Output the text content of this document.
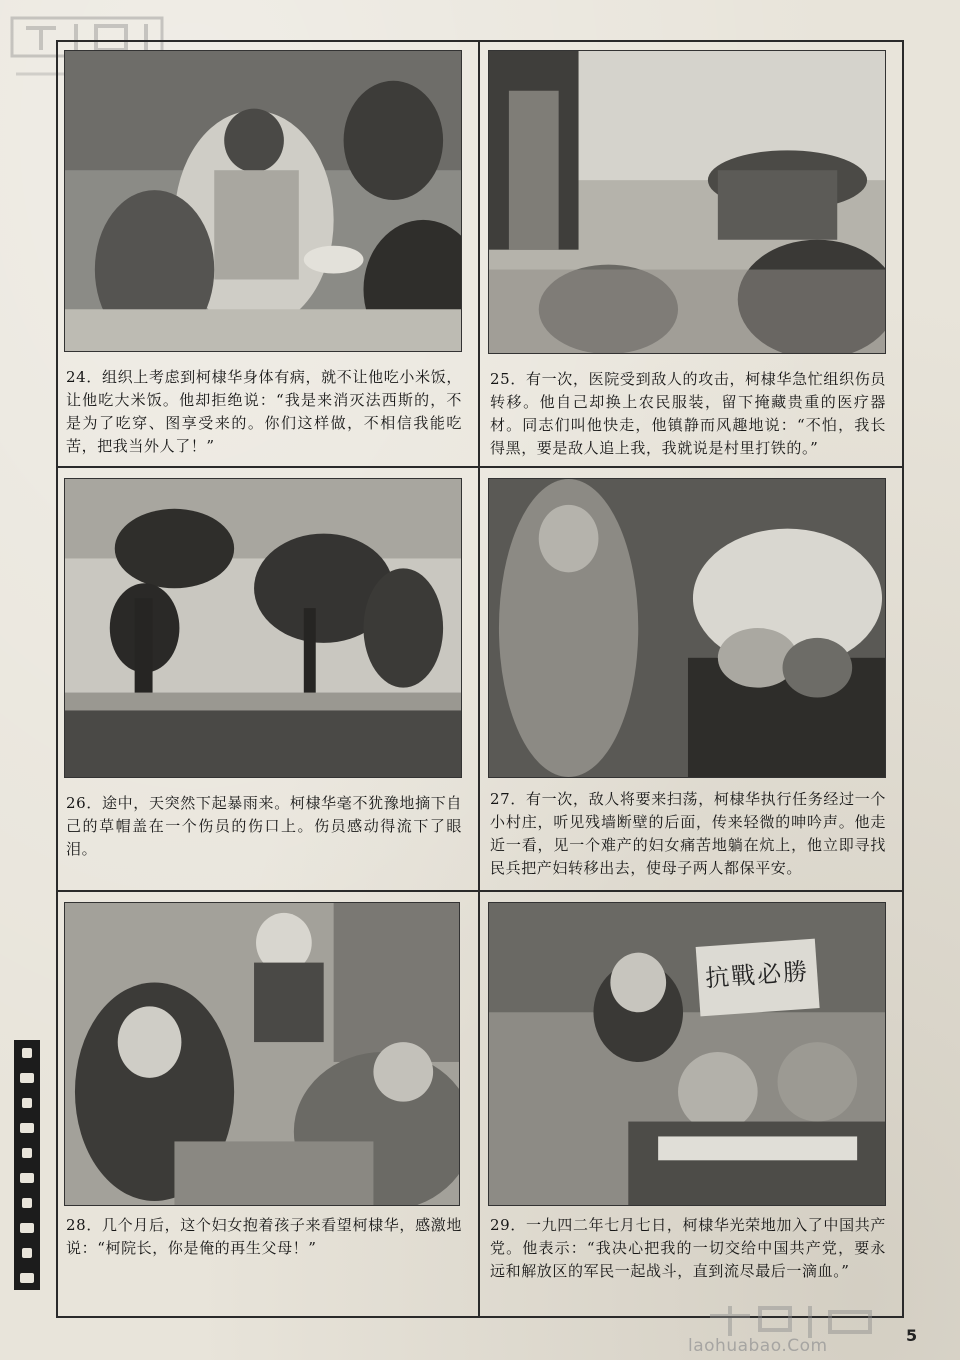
24．组织上考虑到柯棣华身体有病，就不让他吃小米饭，让他吃大米饭。他却拒绝说：“我是来消灭法西斯的，不是为了吃穿、图享受来的。你们这样做，不相信我能吃苦，把我当外人了！”
25．有一次，医院受到敌人的攻击，柯棣华急忙组织伤员转移。他自己却换上农民服装，留下掩藏贵重的医疗器材。同志们叫他快走，他镇静而风趣地说：“不怕，我长得黑，要是敌人追上我，我就说是村里打铁的。”
26．途中，天突然下起暴雨来。柯棣华毫不犹豫地摘下自己的草帽盖在一个伤员的伤口上。伤员感动得流下了眼泪。
27．有一次，敌人将要来扫荡，柯棣华执行任务经过一个小村庄，听见残墙断壁的后面，传来轻微的呻吟声。他走近一看，见一个难产的妇女痛苦地躺在炕上，他立即寻找民兵把产妇转移出去，使母子两人都保平安。
28．几个月后，这个妇女抱着孩子来看望柯棣华，感激地说：“柯院长，你是俺的再生父母！”
抗戰必勝
29．一九四二年七月七日，柯棣华光荣地加入了中国共产党。他表示：“我决心把我的一切交给中国共产党，要永远和解放区的军民一起战斗，直到流尽最后一滴血。”
laohuabao.Com
5
